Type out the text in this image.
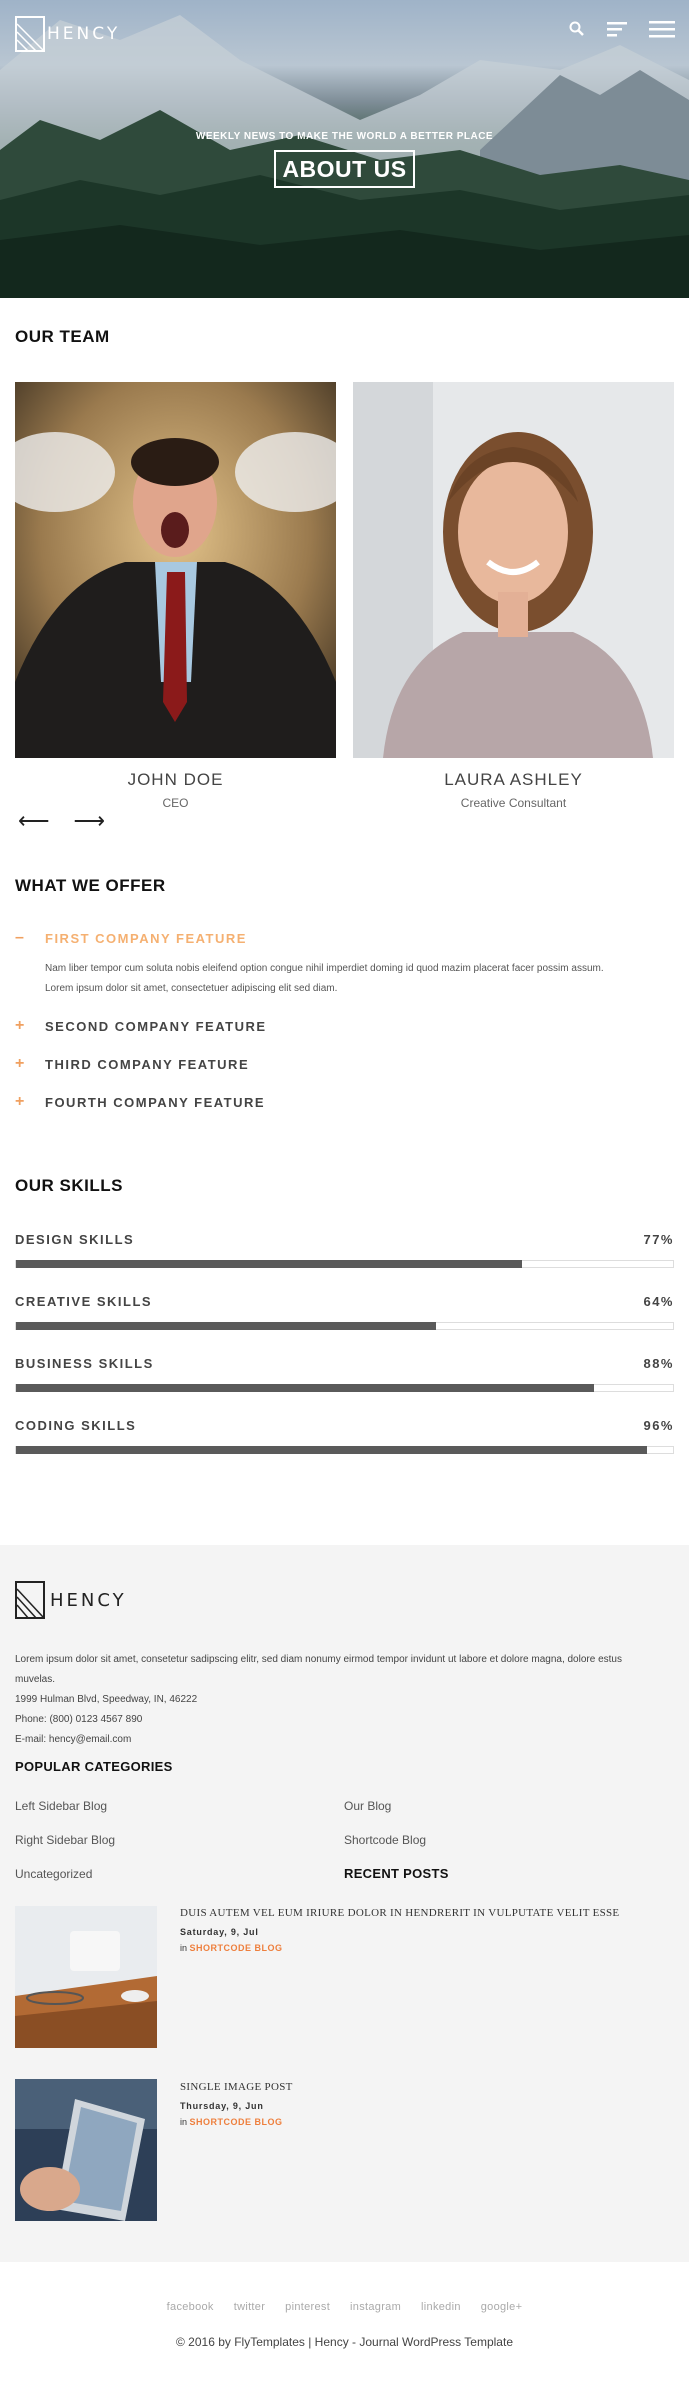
HENCY
WEEKLY NEWS TO MAKE THE WORLD A BETTER PLACE
ABOUT US
OUR TEAM
JOHN DOE
CEO
LAURA ASHLEY
Creative Consultant
⟵ ⟶
WHAT WE OFFER
–	FIRST COMPANY FEATURE
Nam liber tempor cum soluta nobis eleifend option congue nihil imperdiet doming id quod mazim placerat facer possim assum.
Lorem ipsum dolor sit amet, consectetuer adipiscing elit sed diam.
+	SECOND COMPANY FEATURE
+	THIRD COMPANY FEATURE
+	FOURTH COMPANY FEATURE
OUR SKILLS
DESIGN SKILLS	77%
CREATIVE SKILLS	64%
BUSINESS SKILLS	88%
CODING SKILLS	96%
HENCY
Lorem ipsum dolor sit amet, consetetur sadipscing elitr, sed diam nonumy eirmod tempor invidunt ut labore et dolore magna, dolore estus
muvelas.
1999 Hulman Blvd, Speedway, IN, 46222
Phone: (800) 0123 4567 890
E-mail: hency@email.com
POPULAR CATEGORIES
Left Sidebar Blog	Our Blog
Right Sidebar Blog	Shortcode Blog
Uncategorized	RECENT POSTS
DUIS AUTEM VEL EUM IRIURE DOLOR IN HENDRERIT IN VULPUTATE VELIT ESSE
Saturday, 9, Jul
in SHORTCODE BLOG
SINGLE IMAGE POST
Thursday, 9, Jun
in SHORTCODE BLOG
facebook twitter pinterest instagram linkedin google+
© 2016 by FlyTemplates | Hency - Journal WordPress Template
